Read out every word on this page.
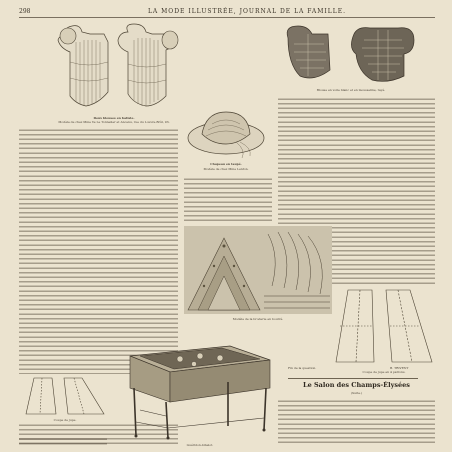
298	LA MODE ILLUSTRÉE, JOURNAL DE LA FAMILLE.
Deux blouses en batiste.
Modèle de chez Mme Ve Le Tonnelier et Ancenu, rue du Louvre-Brûl, 93.
Blouse en voile blanc et en mousseline, rayé.
Chapeau en taupé.
Modèle de chez Mme Lenfon.
Modèle de la broderie en bourré.
Coupe de jupe en 4 patrons.
Le Salon des Champs-Élysées
(Suite.)
B. TRIVENT
Fin de la question.
Coupe de jupe.
Guéridon-bibelot.
